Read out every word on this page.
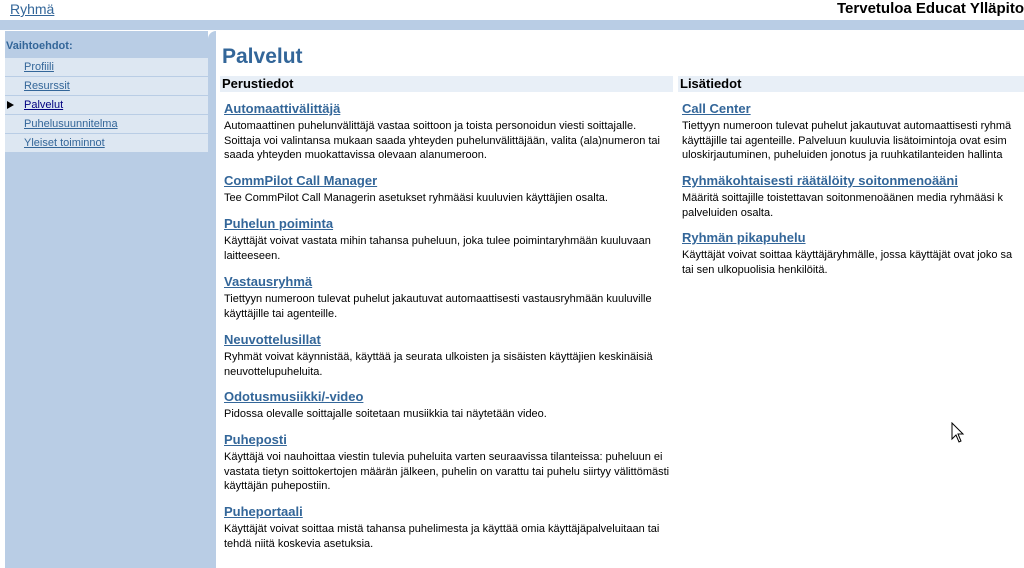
Ryhmä	Tervetuloa Educat Ylläpito
Vaihtoehdot:
Profiili
Resurssit
Palvelut
Puhelusuunnitelma
Yleiset toiminnot
Palvelut
Perustiedot	Lisätiedot
Automaattivälittäjä
Automaattinen puhelunvälittäjä vastaa soittoon ja toista personoidun viesti soittajalle. Soittaja voi valintansa mukaan saada yhteyden puhelunvälittäjään, valita (ala)numeron tai saada yhteyden muokattavissa olevaan alanumeroon.
CommPilot Call Manager
Tee CommPilot Call Managerin asetukset ryhmääsi kuuluvien käyttäjien osalta.
Puhelun poiminta
Käyttäjät voivat vastata mihin tahansa puheluun, joka tulee poimintaryhmään kuuluvaan laitteeseen.
Vastausryhmä
Tiettyyn numeroon tulevat puhelut jakautuvat automaattisesti vastausryhmään kuuluville käyttäjille tai agenteille.
Neuvottelusillat
Ryhmät voivat käynnistää, käyttää ja seurata ulkoisten ja sisäisten käyttäjien keskinäisiä neuvottelupuheluita.
Odotusmusiikki/-video
Pidossa olevalle soittajalle soitetaan musiikkia tai näytetään video.
Puheposti
Käyttäjä voi nauhoittaa viestin tulevia puheluita varten seuraavissa tilanteissa: puheluun ei vastata tietyn soittokertojen määrän jälkeen, puhelin on varattu tai puhelu siirtyy välittömästi käyttäjän puhepostiin.
Puheportaali
Käyttäjät voivat soittaa mistä tahansa puhelimesta ja käyttää omia käyttäjäpalveluitaan tai tehdä niitä koskevia asetuksia.
Call Center
Tiettyyn numeroon tulevat puhelut jakautuvat automaattisesti ryhmä
käyttäjille tai agenteille. Palveluun kuuluvia lisätoimintoja ovat esim
uloskirjautuminen, puheluiden jonotus ja ruuhkatilanteiden hallinta
Ryhmäkohtaisesti räätälöity soitonmenoääni
Määritä soittajille toistettavan soitonmenoäänen media ryhmääsi k
palveluiden osalta.
Ryhmän pikapuhelu
Käyttäjät voivat soittaa käyttäjäryhmälle, jossa käyttäjät ovat joko sa
tai sen ulkopuolisia henkilöitä.
